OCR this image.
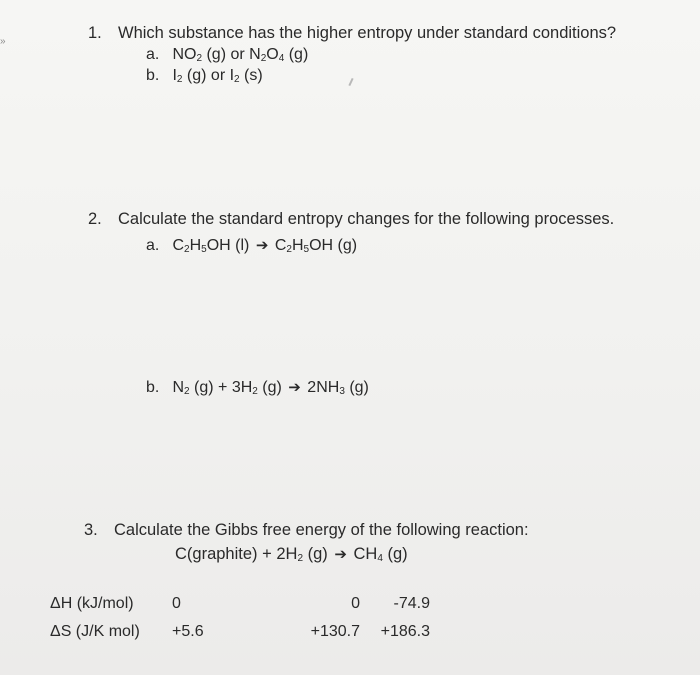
»	1. Which substance has the higher entropy under standard conditions?
a. $NO_2$ (g) or $N_2O_4$ (g)
b. $I_2$ (g) or $I_2$ (s)
2. Calculate the standard entropy changes for the following processes.
a. $C_2H_5OH$ (l) ➔ $C_2H_5OH$ (g)
b. $N_2$ $(g) + 3H_2$ (g) ➔ $2NH_3$ (g)
3. Calculate the Gibbs free energy of the following reaction:
C(graphite) + $2H_2$ (g) ➔ $CH_4$ (g)
ΔH (kJ/mol)	0	0	-74.9
ΔS (J/K mol)	+5.6	+130.7	+186.3
